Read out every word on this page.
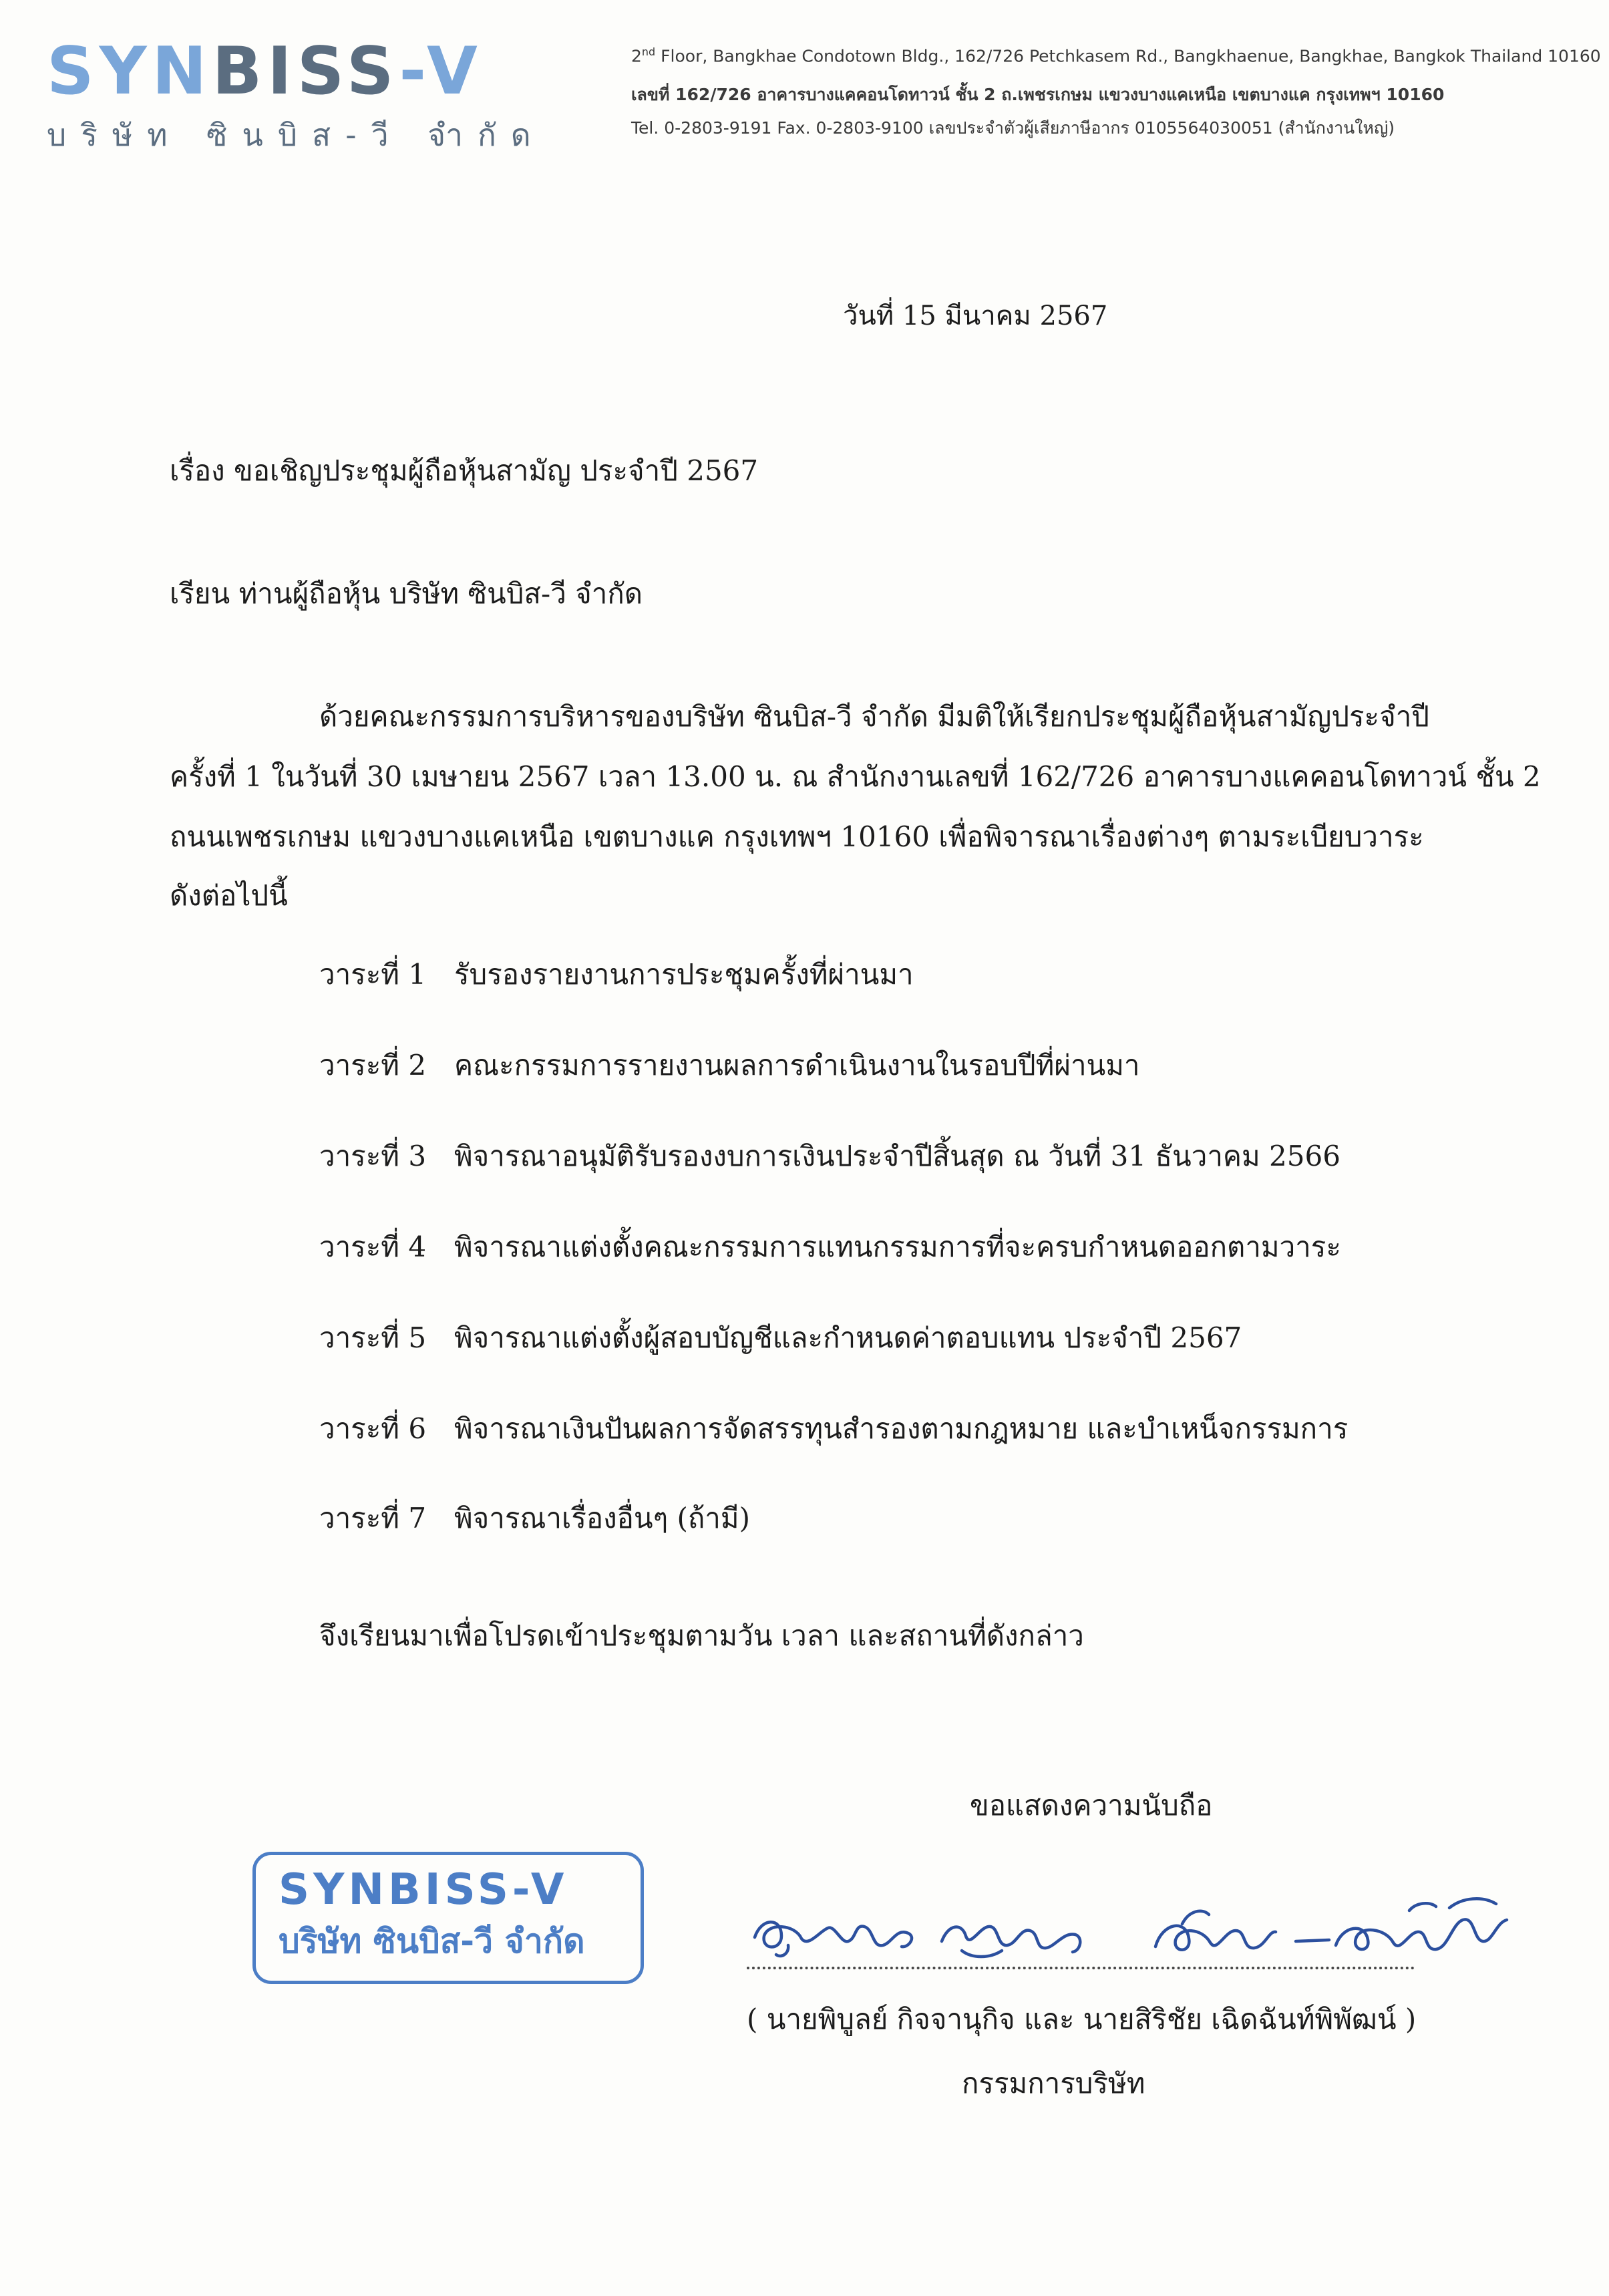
SYNBISS-V
บริษัท ซินบิส-วี จำกัด
2nd Floor, Bangkhae Condotown Bldg., 162/726 Petchkasem Rd., Bangkhaenue, Bangkhae, Bangkok Thailand 10160
เลขที่ 162/726 อาคารบางแคคอนโดทาวน์ ชั้น 2 ถ.เพชรเกษม แขวงบางแคเหนือ เขตบางแค กรุงเทพฯ 10160
Tel. 0-2803-9191 Fax. 0-2803-9100 เลขประจำตัวผู้เสียภาษีอากร 0105564030051 (สำนักงานใหญ่)
วันที่ 15 มีนาคม 2567
เรื่อง ขอเชิญประชุมผู้ถือหุ้นสามัญ ประจำปี 2567
เรียน ท่านผู้ถือหุ้น บริษัท ซินบิส-วี จำกัด
ด้วยคณะกรรมการบริหารของบริษัท ซินบิส-วี จำกัด มีมติให้เรียกประชุมผู้ถือหุ้นสามัญประจำปี
ครั้งที่ 1 ในวันที่ 30 เมษายน 2567 เวลา 13.00 น. ณ สำนักงานเลขที่ 162/726 อาคารบางแคคอนโดทาวน์ ชั้น 2
ถนนเพชรเกษม แขวงบางแคเหนือ เขตบางแค กรุงเทพฯ 10160 เพื่อพิจารณาเรื่องต่างๆ ตามระเบียบวาระ
ดังต่อไปนี้
วาระที่ 1 รับรองรายงานการประชุมครั้งที่ผ่านมา
วาระที่ 2 คณะกรรมการรายงานผลการดำเนินงานในรอบปีที่ผ่านมา
วาระที่ 3 พิจารณาอนุมัติรับรองงบการเงินประจำปีสิ้นสุด ณ วันที่ 31 ธันวาคม 2566
วาระที่ 4 พิจารณาแต่งตั้งคณะกรรมการแทนกรรมการที่จะครบกำหนดออกตามวาระ
วาระที่ 5 พิจารณาแต่งตั้งผู้สอบบัญชีและกำหนดค่าตอบแทน ประจำปี 2567
วาระที่ 6 พิจารณาเงินปันผลการจัดสรรทุนสำรองตามกฎหมาย และบำเหน็จกรรมการ
วาระที่ 7 พิจารณาเรื่องอื่นๆ (ถ้ามี)
จึงเรียนมาเพื่อโปรดเข้าประชุมตามวัน เวลา และสถานที่ดังกล่าว
ขอแสดงความนับถือ
SYNBISS-V
บริษัท ซินบิส-วี จำกัด
( นายพิบูลย์ กิจจานุกิจ และ นายสิริชัย เฉิดฉันท์พิพัฒน์ )
กรรมการบริษัท
